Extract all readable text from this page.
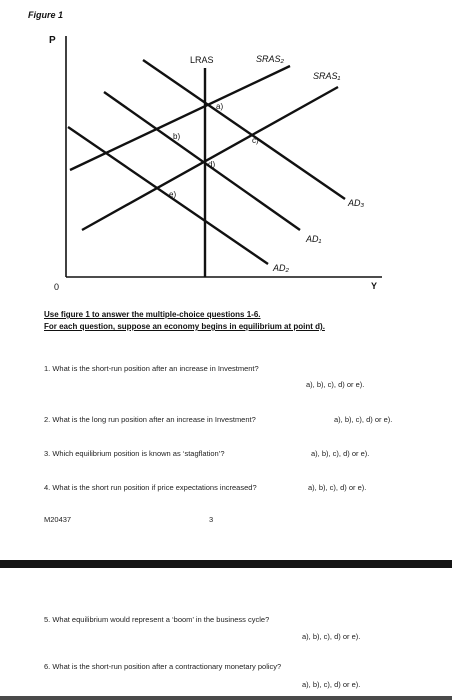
Figure 1
P
Y
0
LRAS	SRAS₂
SRAS₁
AD₃
AD₁
AD₂
a)
b)	c)
d)
e)
Use figure 1 to answer the multiple-choice questions 1-6.
For each question, suppose an economy begins in equilibrium at point d).
1. What is the short-run position after an increase in Investment?
a), b), c), d) or e).
2. What is the long run position after an increase in Investment?	a), b), c), d) or e).
3. Which equilibrium position is known as ‘stagflation’?	a), b), c), d) or e).
4. What is the short run position if price expectations increased?	a), b), c), d) or e).
M20437	3
5. What equilibrium would represent a ‘boom’ in the business cycle?
a), b), c), d) or e).
6. What is the short-run position after a contractionary monetary policy?
a), b), c), d) or e).
